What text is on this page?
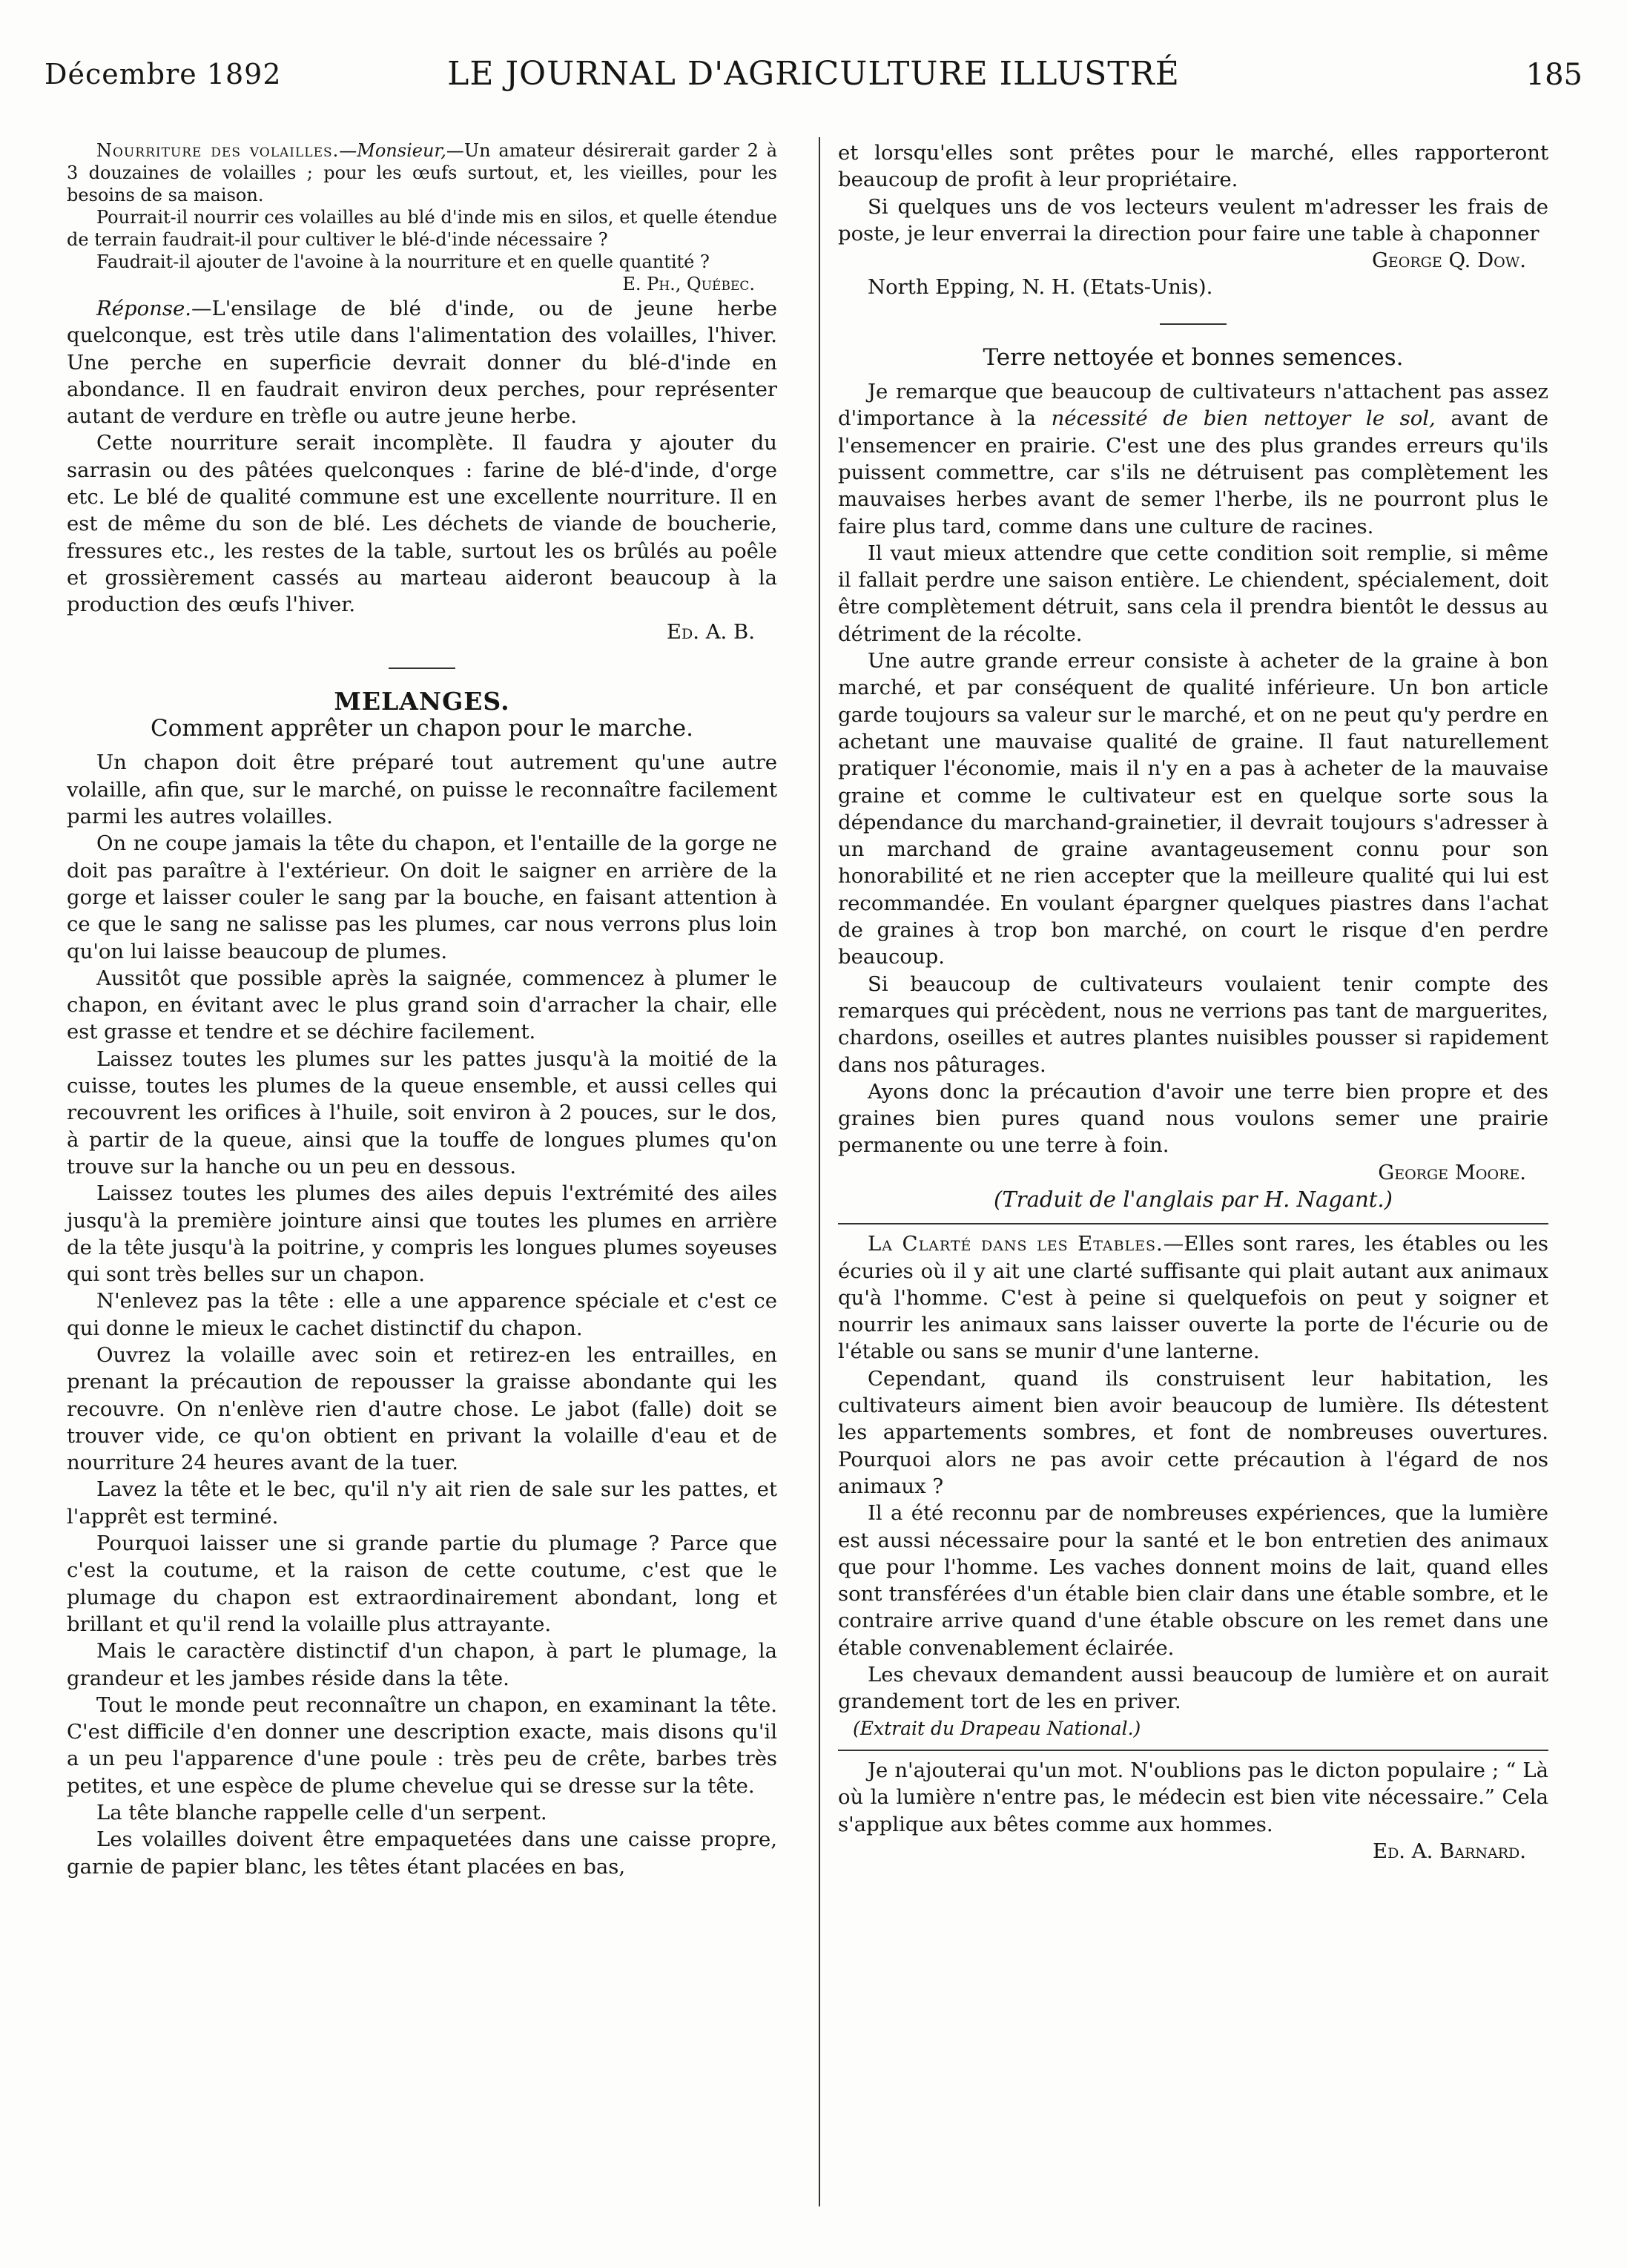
Décembre 1892	LE JOURNAL D'AGRICULTURE ILLUSTRÉ	185

Nourriture des volailles.—Monsieur,—Un amateur désirerait garder 2 à 3 douzaines de volailles ; pour les œufs surtout, et, les vieilles, pour les besoins de sa maison.

Pourrait-il nourrir ces volailles au blé d'inde mis en silos, et quelle étendue de terrain faudrait-il pour cultiver le blé-d'inde nécessaire ?

Faudrait-il ajouter de l'avoine à la nourriture et en quelle quantité ?

E. Ph., Québec.

Réponse.—L'ensilage de blé d'inde, ou de jeune herbe quelconque, est très utile dans l'alimentation des volailles, l'hiver. Une perche en superficie devrait donner du blé-d'inde en abondance. Il en faudrait environ deux perches, pour représenter autant de verdure en trèfle ou autre jeune herbe.

Cette nourriture serait incomplète. Il faudra y ajouter du sarrasin ou des pâtées quelconques : farine de blé-d'inde, d'orge etc. Le blé de qualité commune est une excellente nourriture. Il en est de même du son de blé. Les déchets de viande de boucherie, fressures etc., les restes de la table, surtout les os brûlés au poêle et grossièrement cassés au marteau aideront beaucoup à la production des œufs l'hiver.

Ed. A. B.

MELANGES.
Comment apprêter un chapon pour le marche.

Un chapon doit être préparé tout autrement qu'une autre volaille, afin que, sur le marché, on puisse le reconnaître facilement parmi les autres volailles.

On ne coupe jamais la tête du chapon, et l'entaille de la gorge ne doit pas paraître à l'extérieur. On doit le saigner en arrière de la gorge et laisser couler le sang par la bouche, en faisant attention à ce que le sang ne salisse pas les plumes, car nous verrons plus loin qu'on lui laisse beaucoup de plumes.

Aussitôt que possible après la saignée, commencez à plumer le chapon, en évitant avec le plus grand soin d'arracher la chair, elle est grasse et tendre et se déchire facilement.

Laissez toutes les plumes sur les pattes jusqu'à la moitié de la cuisse, toutes les plumes de la queue ensemble, et aussi celles qui recouvrent les orifices à l'huile, soit environ à 2 pouces, sur le dos, à partir de la queue, ainsi que la touffe de longues plumes qu'on trouve sur la hanche ou un peu en dessous.

Laissez toutes les plumes des ailes depuis l'extrémité des ailes jusqu'à la première jointure ainsi que toutes les plumes en arrière de la tête jusqu'à la poitrine, y compris les longues plumes soyeuses qui sont très belles sur un chapon.

N'enlevez pas la tête : elle a une apparence spéciale et c'est ce qui donne le mieux le cachet distinctif du chapon.

Ouvrez la volaille avec soin et retirez-en les entrailles, en prenant la précaution de repousser la graisse abondante qui les recouvre. On n'enlève rien d'autre chose. Le jabot (falle) doit se trouver vide, ce qu'on obtient en privant la volaille d'eau et de nourriture 24 heures avant de la tuer.

Lavez la tête et le bec, qu'il n'y ait rien de sale sur les pattes, et l'apprêt est terminé.

Pourquoi laisser une si grande partie du plumage ? Parce que c'est la coutume, et la raison de cette coutume, c'est que le plumage du chapon est extraordinairement abondant, long et brillant et qu'il rend la volaille plus attrayante.

Mais le caractère distinctif d'un chapon, à part le plumage, la grandeur et les jambes réside dans la tête.

Tout le monde peut reconnaître un chapon, en examinant la tête. C'est difficile d'en donner une description exacte, mais disons qu'il a un peu l'apparence d'une poule : très peu de crête, barbes très petites, et une espèce de plume chevelue qui se dresse sur la tête.

La tête blanche rappelle celle d'un serpent.

Les volailles doivent être empaquetées dans une caisse propre, garnie de papier blanc, les têtes étant placées en bas,

et lorsqu'elles sont prêtes pour le marché, elles rapporteront beaucoup de profit à leur propriétaire.

Si quelques uns de vos lecteurs veulent m'adresser les frais de poste, je leur enverrai la direction pour faire une table à chaponner

George Q. Dow.

North Epping, N. H. (Etats-Unis).

Terre nettoyée et bonnes semences.

Je remarque que beaucoup de cultivateurs n'attachent pas assez d'importance à la nécessité de bien nettoyer le sol, avant de l'ensemencer en prairie. C'est une des plus grandes erreurs qu'ils puissent commettre, car s'ils ne détruisent pas complètement les mauvaises herbes avant de semer l'herbe, ils ne pourront plus le faire plus tard, comme dans une culture de racines.

Il vaut mieux attendre que cette condition soit remplie, si même il fallait perdre une saison entière. Le chiendent, spécialement, doit être complètement détruit, sans cela il prendra bientôt le dessus au détriment de la récolte.

Une autre grande erreur consiste à acheter de la graine à bon marché, et par conséquent de qualité inférieure. Un bon article garde toujours sa valeur sur le marché, et on ne peut qu'y perdre en achetant une mauvaise qualité de graine. Il faut naturellement pratiquer l'économie, mais il n'y en a pas à acheter de la mauvaise graine et comme le cultivateur est en quelque sorte sous la dépendance du marchand-grainetier, il devrait toujours s'adresser à un marchand de graine avantageusement connu pour son honorabilité et ne rien accepter que la meilleure qualité qui lui est recommandée. En voulant épargner quelques piastres dans l'achat de graines à trop bon marché, on court le risque d'en perdre beaucoup.

Si beaucoup de cultivateurs voulaient tenir compte des remarques qui précèdent, nous ne verrions pas tant de marguerites, chardons, oseilles et autres plantes nuisibles pousser si rapidement dans nos pâturages.

Ayons donc la précaution d'avoir une terre bien propre et des graines bien pures quand nous voulons semer une prairie permanente ou une terre à foin.

George Moore.

(Traduit de l'anglais par H. Nagant.)

La Clarté dans les Etables.—Elles sont rares, les étables ou les écuries où il y ait une clarté suffisante qui plait autant aux animaux qu'à l'homme. C'est à peine si quelquefois on peut y soigner et nourrir les animaux sans laisser ouverte la porte de l'écurie ou de l'étable ou sans se munir d'une lanterne.

Cependant, quand ils construisent leur habitation, les cultivateurs aiment bien avoir beaucoup de lumière. Ils détestent les appartements sombres, et font de nombreuses ouvertures. Pourquoi alors ne pas avoir cette précaution à l'égard de nos animaux ?

Il a été reconnu par de nombreuses expériences, que la lumière est aussi nécessaire pour la santé et le bon entretien des animaux que pour l'homme. Les vaches donnent moins de lait, quand elles sont transférées d'un étable bien clair dans une étable sombre, et le contraire arrive quand d'une étable obscure on les remet dans une étable convenablement éclairée.

Les chevaux demandent aussi beaucoup de lumière et on aurait grandement tort de les en priver.

(Extrait du Drapeau National.)

Je n'ajouterai qu'un mot. N'oublions pas le dicton populaire ; “ Là où la lumière n'entre pas, le médecin est bien vite nécessaire.” Cela s'applique aux bêtes comme aux hommes.

Ed. A. Barnard.
